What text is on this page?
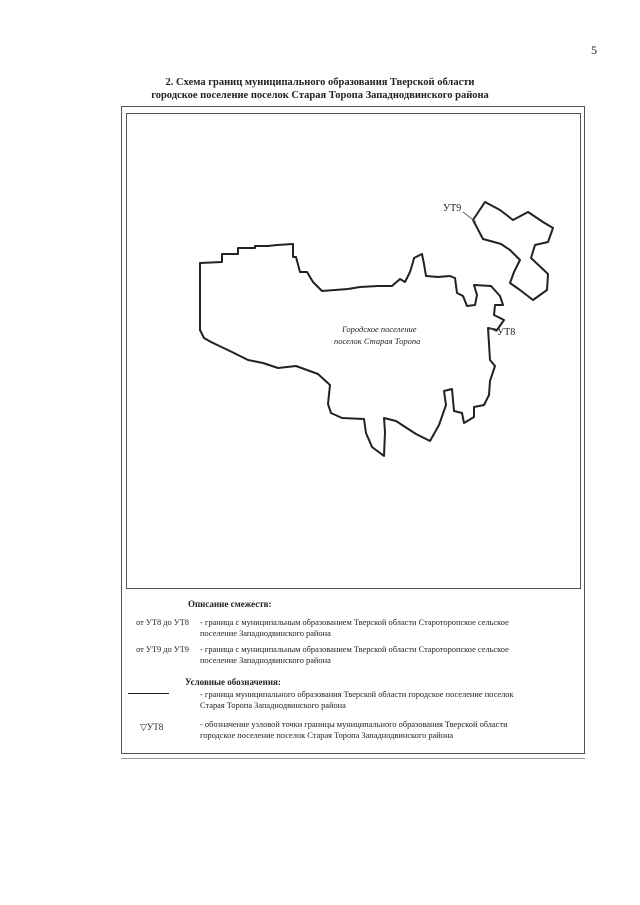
5
2. Схема границ муниципального образования Тверской области
городское поселение поселок Старая Торопа Западнодвинского района
Городское поселение
поселок Старая Торопа
УТ9
УТ8
Описание смежеств:
от УТ8 до УТ8 - граница с муниципальным образованием Тверской области Старотоpопское сельское
поселение Западнодвинского района
от УТ9 до УТ9 - граница с муниципальным образованием Тверской области Старотоpопское сельское
поселение Западнодвинского района
Условные обозначения:
- граница муниципального образования Тверской области городское поселение поселок
Старая Торопа Западнодвинского района
▽УТ8	- обозначение узловой точки границы муниципального образования Тверской области
городское поселение поселок Старая Торопа Западнодвинского района
